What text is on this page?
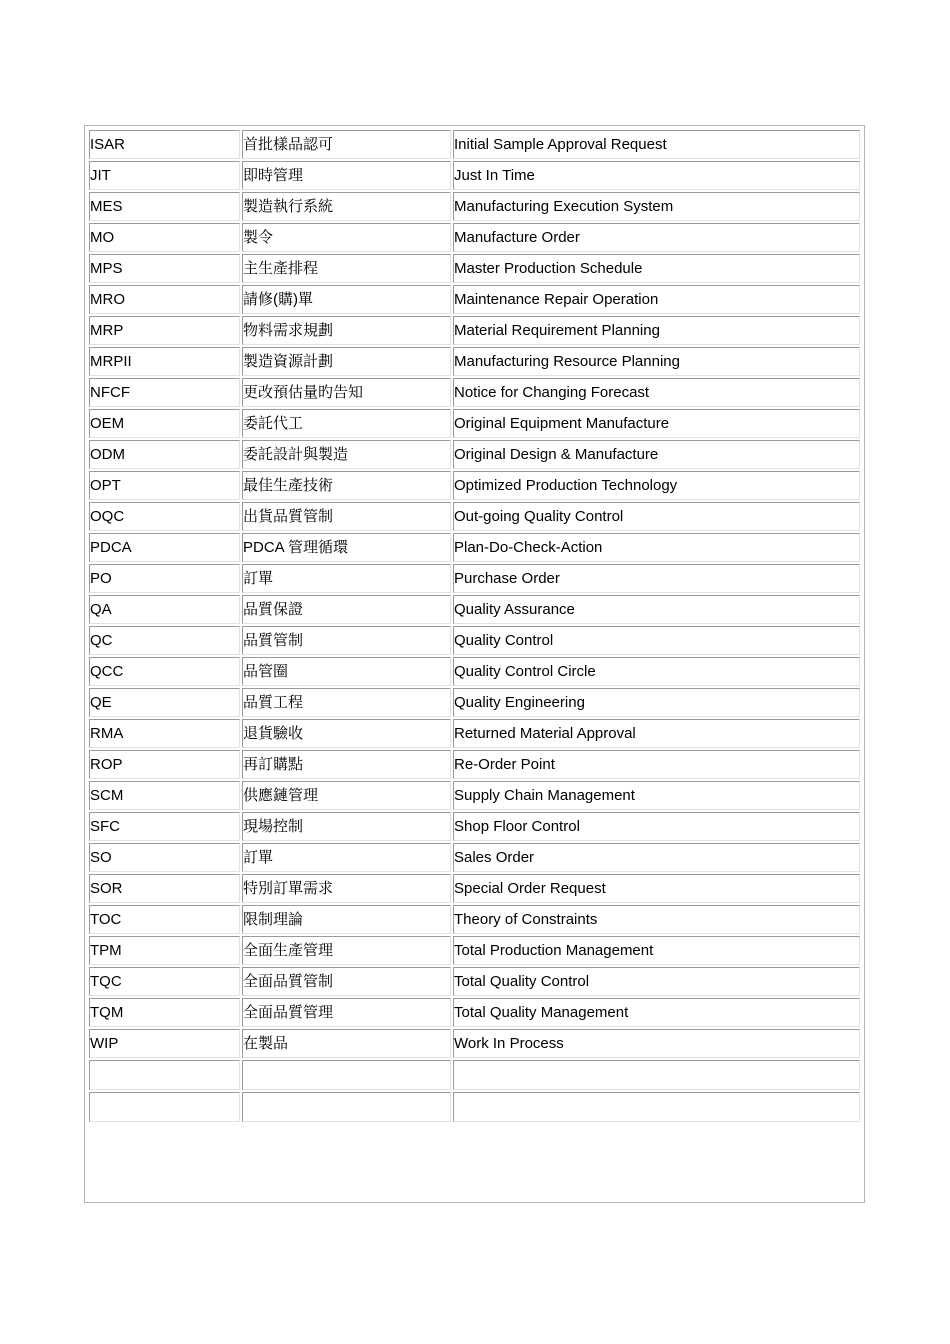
ISAR	首批樣品認可	Initial Sample Approval Request
JIT	即時管理	Just In Time
MES	製造執行系統	Manufacturing Execution System
MO	製令	Manufacture Order
MPS	主生產排程	Master Production Schedule
MRO	請修(購)單	Maintenance Repair Operation
MRP	物料需求規劃	Material Requirement Planning
MRPII	製造資源計劃	Manufacturing Resource Planning
NFCF	更改預估量旳告知	Notice for Changing Forecast
OEM	委託代工	Original Equipment Manufacture
ODM	委託設計與製造	Original Design & Manufacture
OPT	最佳生產技術	Optimized Production Technology
OQC	出貨品質管制	Out-going Quality Control
PDCA	PDCA 管理循環	Plan-Do-Check-Action
PO	訂單	Purchase Order
QA	品質保證	Quality Assurance
QC	品質管制	Quality Control
QCC	品管圈	Quality Control Circle
QE	品質工程	Quality Engineering
RMA	退貨驗收	Returned Material Approval
ROP	再訂購點	Re-Order Point
SCM	供應鏈管理	Supply Chain Management
SFC	現場控制	Shop Floor Control
SO	訂單	Sales Order
SOR	特別訂單需求	Special Order Request
TOC	限制理論	Theory of Constraints
TPM	全面生產管理	Total Production Management
TQC	全面品質管制	Total Quality Control
TQM	全面品質管理	Total Quality Management
WIP	在製品	Work In Process
